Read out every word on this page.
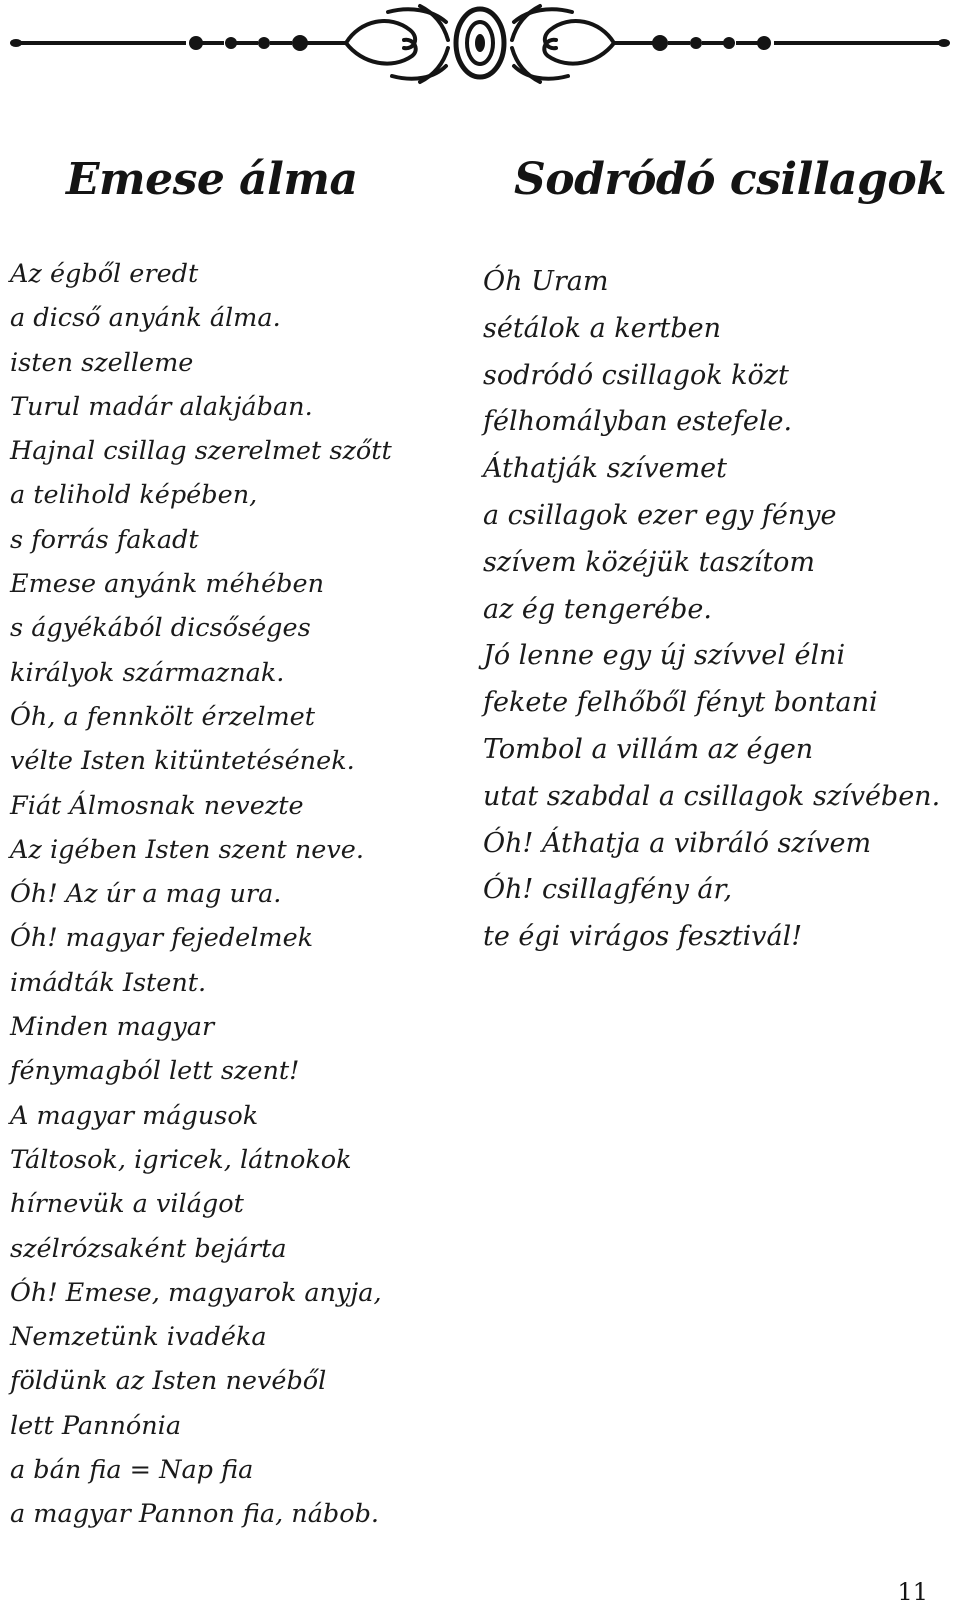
Emese álma	Sodródó csillagok
Az égből eredt
a dicső anyánk álma.
isten szelleme
Turul madár alakjában.
Hajnal csillag szerelmet szőtt
a telihold képében,
s forrás fakadt
Emese anyánk méhében
s ágyékából dicsőséges
királyok származnak.
Óh, a fennkölt érzelmet
vélte Isten kitüntetésének.
Fiát Álmosnak nevezte
Az igében Isten szent neve.
Óh! Az úr a mag ura.
Óh! magyar fejedelmek
imádták Istent.
Minden magyar
fénymagból lett szent!
A magyar mágusok
Táltosok, igricek, látnokok
hírnevük a világot
szélrózsaként bejárta
Óh! Emese, magyarok anyja,
Nemzetünk ivadéka
földünk az Isten nevéből
lett Pannónia
a bán fia = Nap fia
a magyar Pannon fia, nábob.
Óh Uram
sétálok a kertben
sodródó csillagok közt
félhomályban estefele.
Áthatják szívemet
a csillagok ezer egy fénye
szívem közéjük taszítom
az ég tengerébe.
Jó lenne egy új szívvel élni
fekete felhőből fényt bontani
Tombol a villám az égen
utat szabdal a csillagok szívében.
Óh! Áthatja a vibráló szívem
Óh! csillagfény ár,
te égi virágos fesztivál!
11
